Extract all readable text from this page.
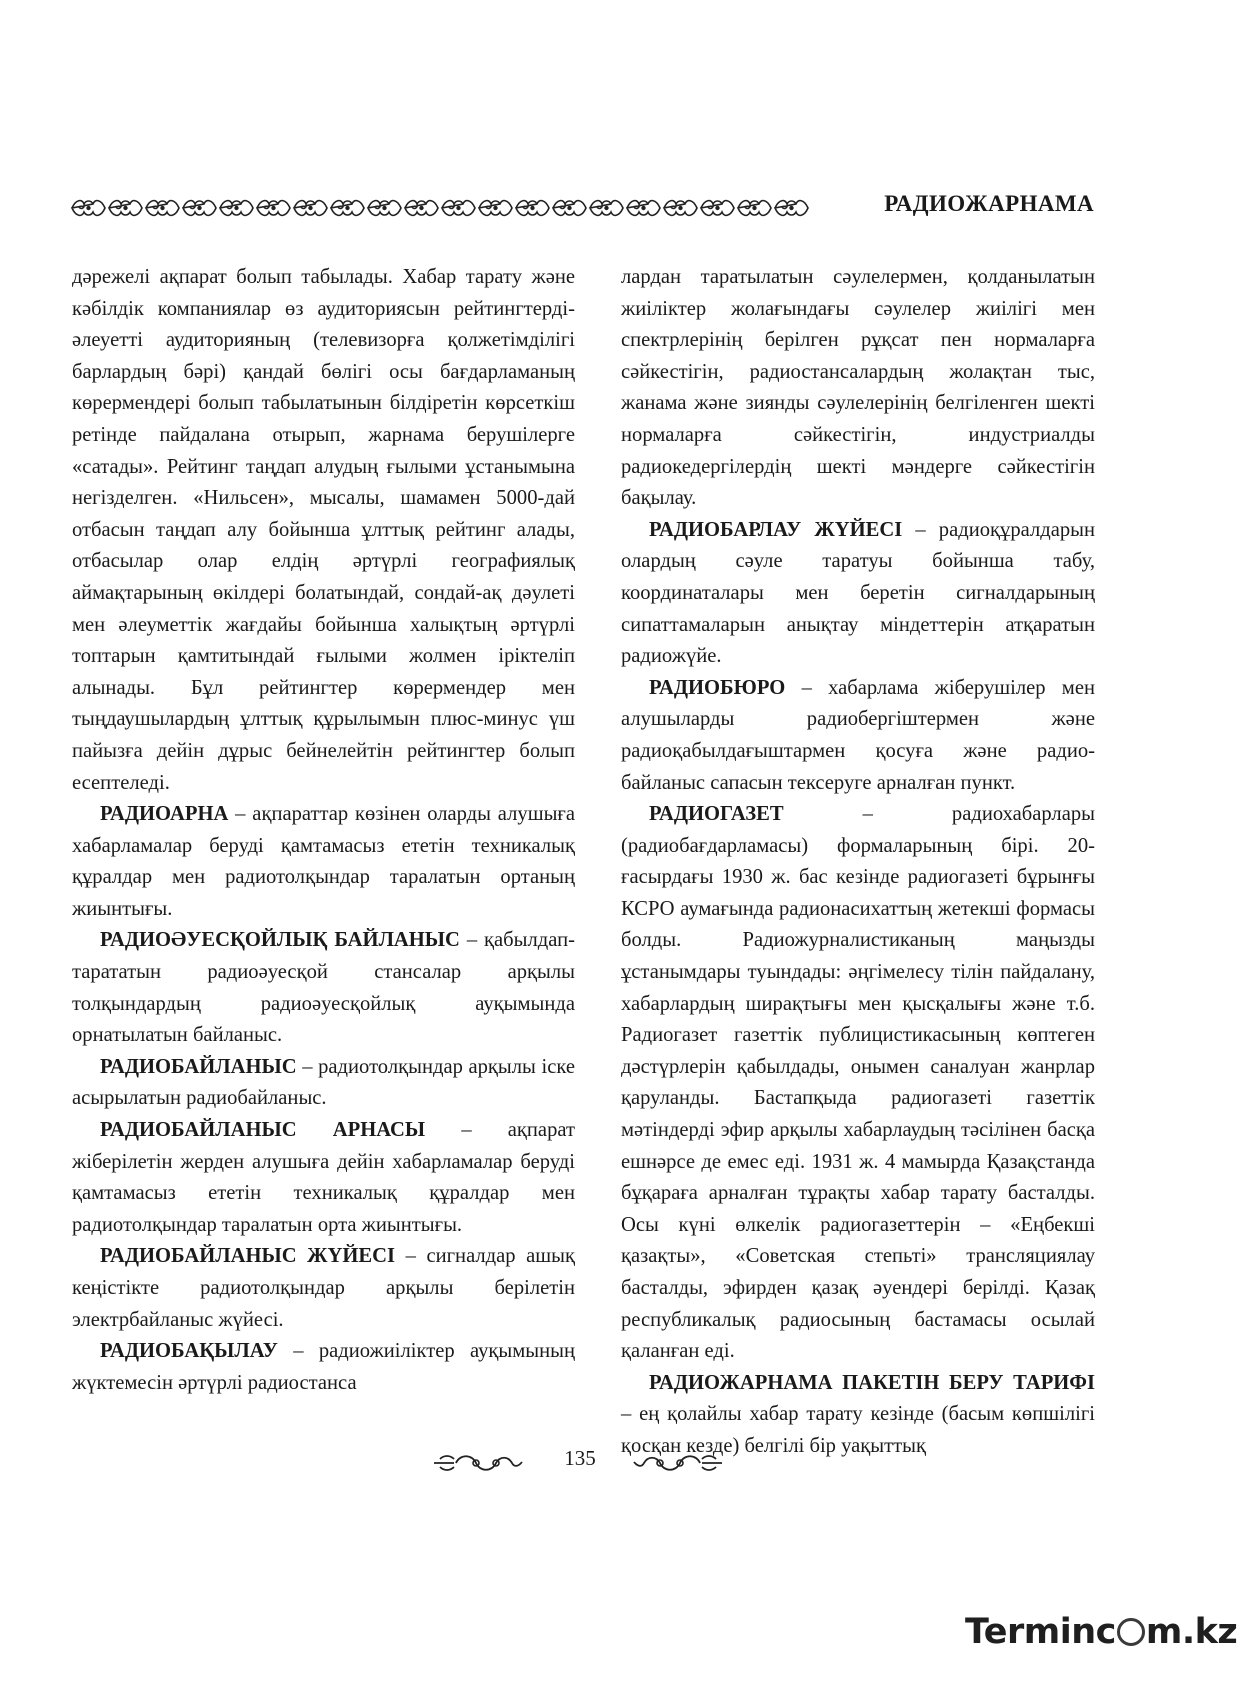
РАДИОЖАРНАМА

дәрежелі ақпарат болып табылады. Хабар тарату және кәбілдік компаниялар өз аудиториясын рейтингтерді-әлеуетті аудиторияның (телевизорға қолжетімділігі барлардың бәрі) қандай бөлігі осы бағдарламаның көрермендері болып табылатынын білдіретін көрсеткіш ретінде пайдалана отырып, жарнама берушілерге «сатады». Рейтинг таңдап алудың ғылыми ұстанымына негізделген. «Нильсен», мысалы, шамамен 5000-дай отбасын таңдап алу бойынша ұлттық рейтинг алады, отбасылар олар елдің әртүрлі географиялық аймақтарының өкілдері болатындай, сондай-ақ дәулеті мен әлеуметтік жағдайы бойынша халықтың әртүрлі топтарын қамтитындай ғылыми жолмен іріктеліп алынады. Бұл рейтингтер көрермендер мен тыңдаушылардың ұлттық құрылымын плюс-минус үш пайызға дейін дұрыс бейнелейтін рейтингтер болып есептеледі.

РАДИОАРНА – ақпараттар көзінен оларды алушыға хабарламалар беруді қамтамасыз ететін техникалық құралдар мен радиотолқындар таралатын ортаның жиынтығы.

РАДИОӘУЕСҚОЙЛЫҚ БАЙЛАНЫС – қабылдап-тарататын радиоәуесқой стансалар арқылы толқындардың радиоәуесқойлық ауқымында орнатылатын байланыс.

РАДИОБАЙЛАНЫС – радиотолқындар арқылы іске асырылатын радиобайланыс.

РАДИОБАЙЛАНЫС АРНАСЫ – ақпарат жіберілетін жерден алушыға дейін хабарламалар беруді қамтамасыз ететін техникалық құралдар мен радиотолқындар таралатын орта жиынтығы.

РАДИОБАЙЛАНЫС ЖҮЙЕСІ – сигналдар ашық кеңістікте радиотолқындар арқылы берілетін электрбайланыс жүйесі.

РАДИОБАҚЫЛАУ – радиожиіліктер ауқымының жүктемесін әртүрлі радиостанса

лардан таратылатын сәулелермен, қолданылатын жиіліктер жолағындағы сәулелер жиілігі мен спектрлерінің берілген рұқсат пен нормаларға сәйкестігін, радиостансалардың жолақтан тыс, жанама және зиянды сәулелерінің белгіленген шекті нормаларға сәйкестігін, индустриалды радиокедергілердің шекті мәндерге сәйкестігін бақылау.

РАДИОБАРЛАУ ЖҮЙЕСІ – радиоқұралдарын олардың сәуле таратуы бойынша табу, координаталары мен беретін сигналдарының сипаттамаларын анықтау міндеттерін атқаратын радиожүйе.

РАДИОБЮРО – хабарлама жіберушілер мен алушыларды радиобергіштермен және радиоқабылдағыштармен қосуға және радиобайланыс сапасын тексеруге арналған пункт.

РАДИОГАЗЕТ – радиохабарлары (радиобағдарламасы) формаларының бірі. 20-ғасырдағы 1930 ж. бас кезінде радиогазеті бұрынғы КСРО аумағында радионасихаттың жетекші формасы болды. Радиожурналистиканың маңызды ұстанымдары туындады: әңгімелесу тілін пайдалану, хабарлардың ширақтығы мен қысқалығы және т.б. Радиогазет газеттік публицистикасының көптеген дәстүрлерін қабылдады, онымен саналуан жанрлар қаруланды. Бастапқыда радиогазеті газеттік мәтіндерді эфир арқылы хабарлаудың тәсілінен басқа ешнәрсе де емес еді. 1931 ж. 4 мамырда Қазақстанда бұқараға арналған тұрақты хабар тарату басталды. Осы күні өлкелік радиогазеттерін – «Еңбекші қазақты», «Советская степьті» трансляциялау басталды, эфирден қазақ әуендері берілді. Қазақ республикалық радиосының бастамасы осылай қаланған еді.

РАДИОЖАРНАМА ПАКЕТІН БЕРУ ТАРИФІ – ең қолайлы хабар тарату кезінде (басым көпшілігі қосқан кезде) белгілі бір уақыттық

135
Terminc m.kz
